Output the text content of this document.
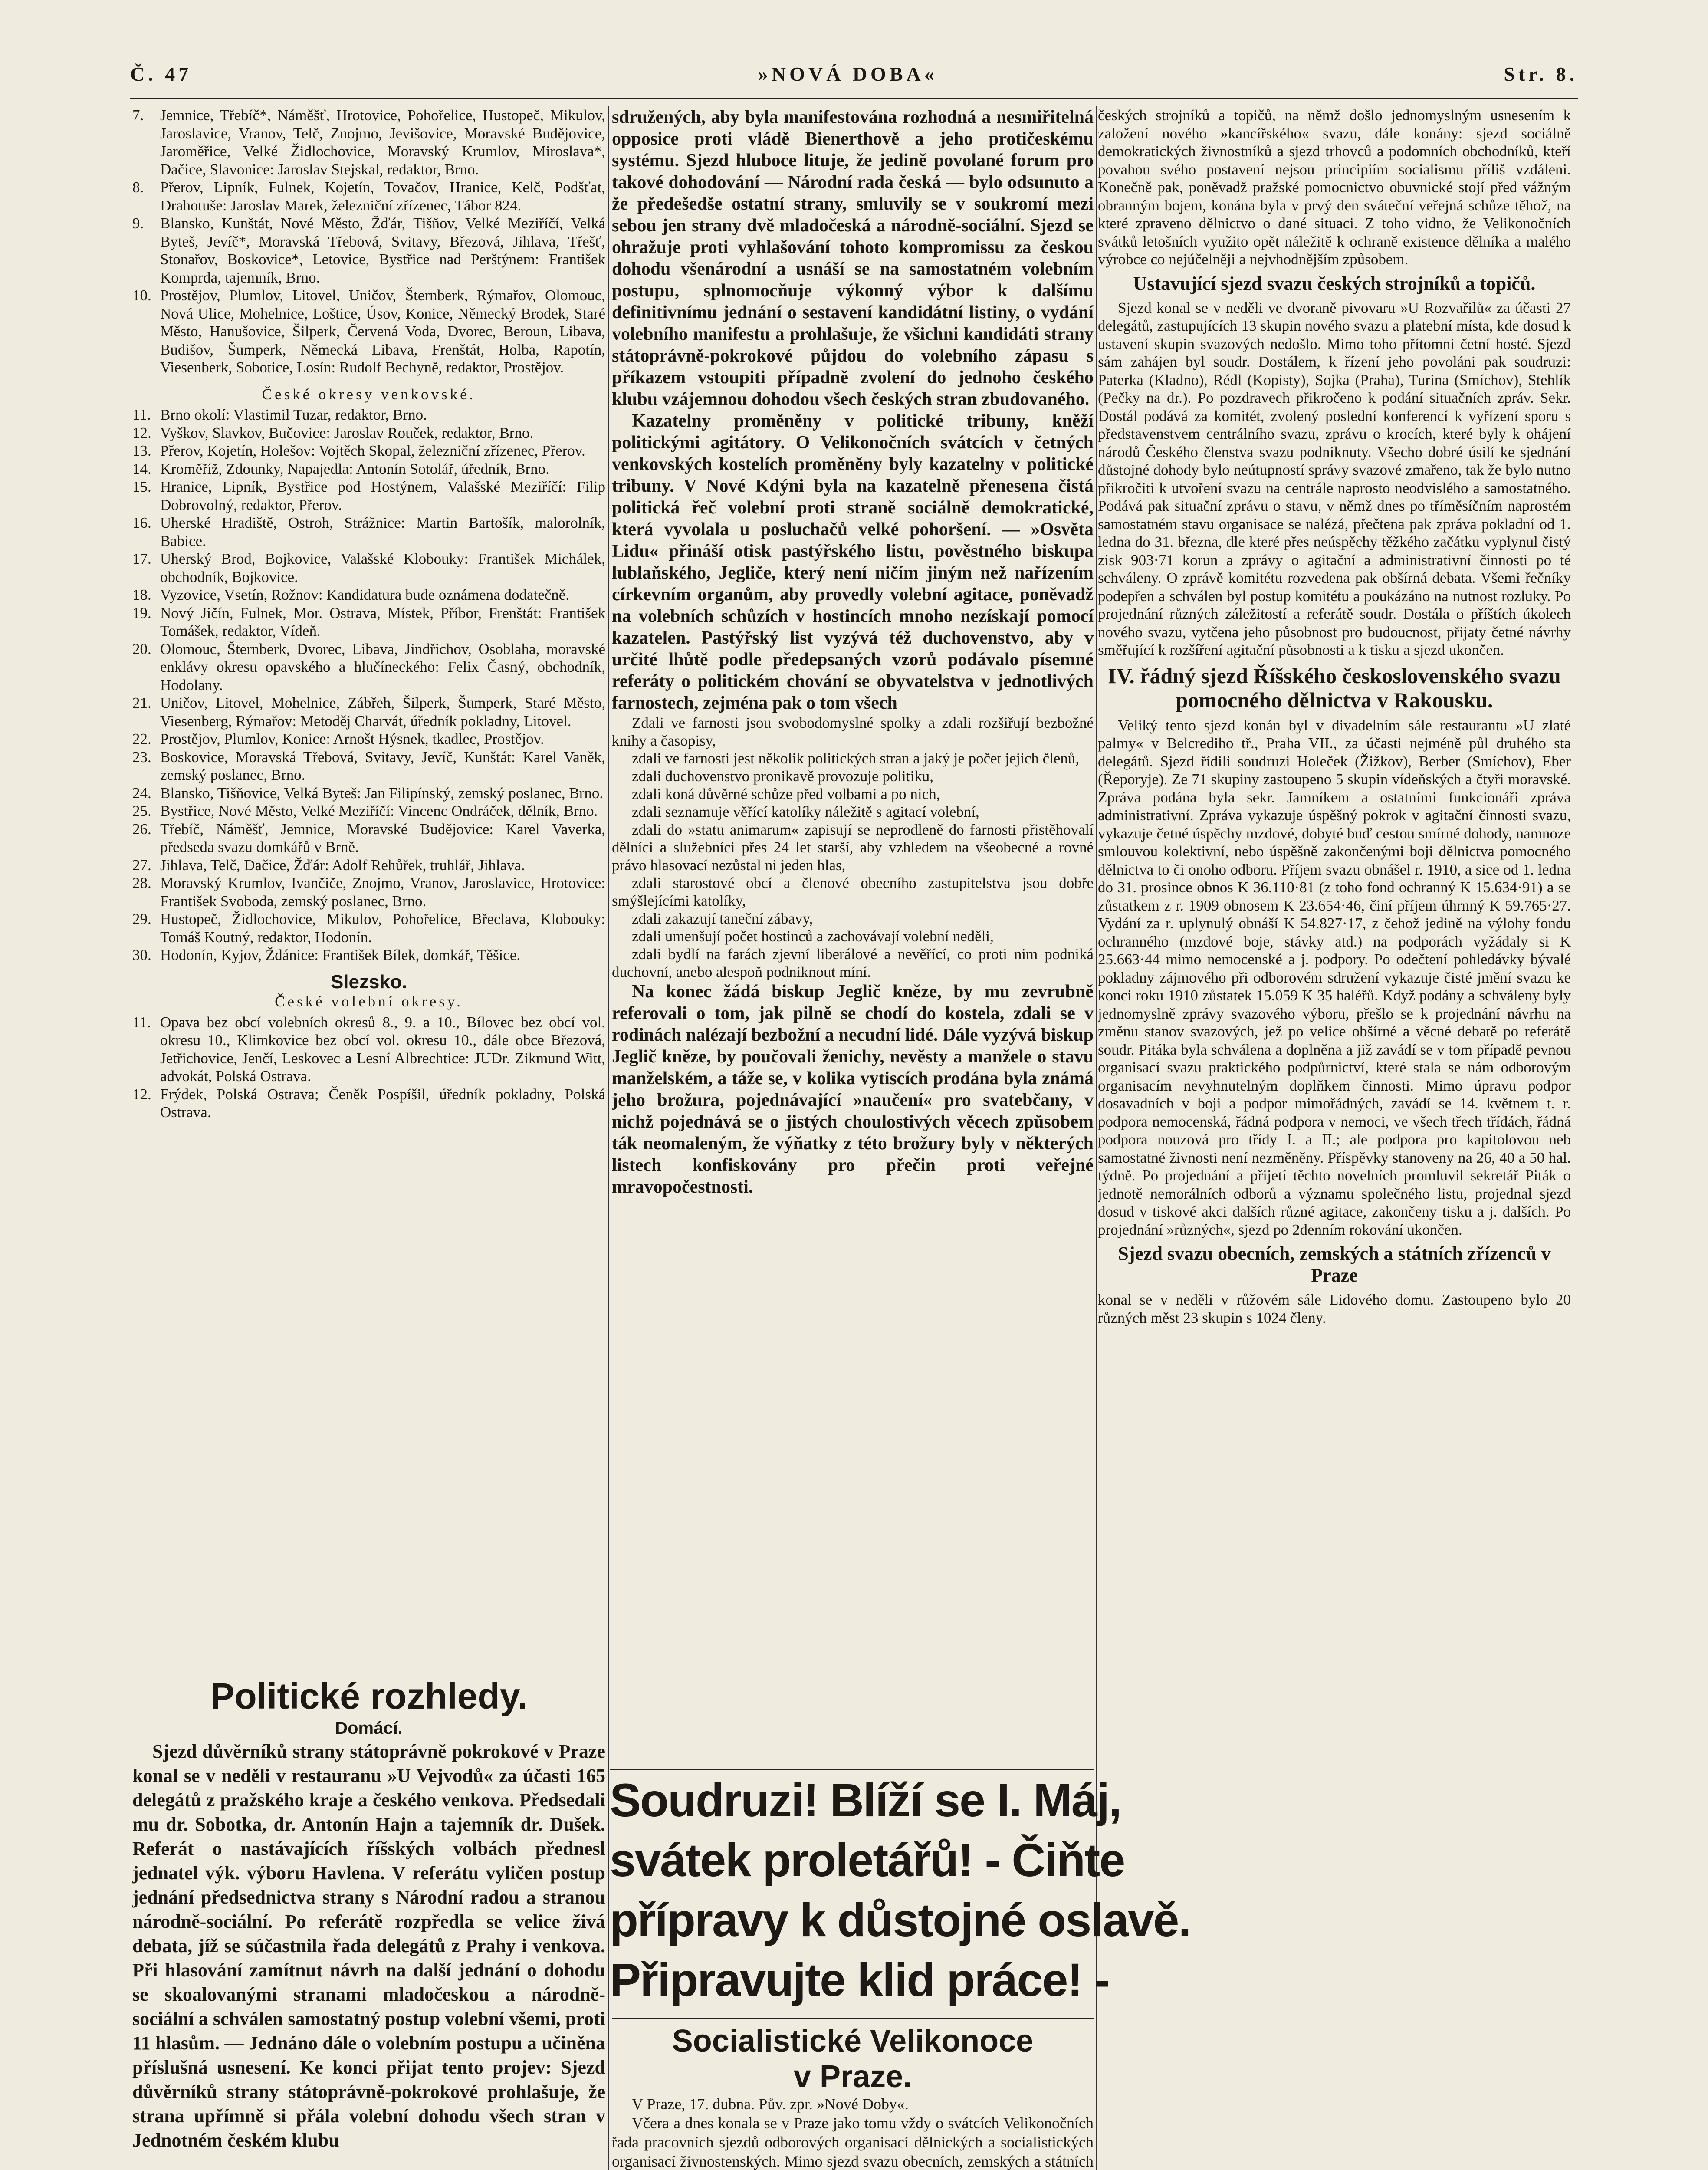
Č. 47	»NOVÁ DOBA«	Str. 8.
7.	Jemnice, Třebíč*, Náměšť, Hrotovice, Pohořelice, Hustopeč, Mikulov, Jaroslavice, Vranov, Telč, Znojmo, Jevišovice, Moravské Budějovice, Jaroměřice, Velké Židlochovice, Moravský Krumlov, Miroslava*, Dačice, Slavonice: Jaroslav Stejskal, redaktor, Brno.
8.	Přerov, Lipník, Fulnek, Kojetín, Tovačov, Hranice, Kelč, Podšťat, Drahotuše: Jaroslav Marek, železniční zřízenec, Tábor 824.
9.	Blansko, Kunštát, Nové Město, Žďár, Tišňov, Velké Meziříčí, Velká Byteš, Jevíč*, Moravská Třebová, Svitavy, Březová, Jihlava, Třešť, Stonařov, Boskovice*, Letovice, Bystřice nad Perštýnem: František Komprda, tajemník, Brno.
10. Prostějov, Plumlov, Litovel, Uničov, Šternberk, Rýmařov, Olomouc, Nová Ulice, Mohelnice, Loštice, Úsov, Konice, Německý Brodek, Staré Město, Hanušovice, Šilperk, Červená Voda, Dvorec, Beroun, Libava, Budišov, Šumperk, Německá Libava, Frenštát, Holba, Rapotín, Viesenberk, Sobotice, Losín: Rudolf Bechyně, redaktor, Prostějov.
České okresy venkovské.
11. Brno okolí: Vlastimil Tuzar, redaktor, Brno.
12. Vyškov, Slavkov, Bučovice: Jaroslav Rouček, redaktor, Brno.
13. Přerov, Kojetín, Holešov: Vojtěch Skopal, železniční zřízenec, Přerov.
14. Kroměříž, Zdounky, Napajedla: Antonín Sotolář, úředník, Brno.
15. Hranice, Lipník, Bystřice pod Hostýnem, Valašské Meziříčí: Filip Dobrovolný, redaktor, Přerov.
16. Uherské Hradiště, Ostroh, Strážnice: Martin Bartošík, malorolník, Babice.
17. Uherský Brod, Bojkovice, Valašské Klobouky: František Michálek, obchodník, Bojkovice.
18. Vyzovice, Vsetín, Rožnov: Kandidatura bude oznámena dodatečně.
19. Nový Jičín, Fulnek, Mor. Ostrava, Místek, Příbor, Frenštát: František Tomášek, redaktor, Vídeň.
20. Olomouc, Šternberk, Dvorec, Libava, Jindřichov, Osoblaha, moravské enklávy okresu opavského a hlučíneckého: Felix Časný, obchodník, Hodolany.
21. Uničov, Litovel, Mohelnice, Zábřeh, Šilperk, Šumperk, Staré Město, Viesenberg, Rýmařov: Metoděj Charvát, úředník pokladny, Litovel.
22. Prostějov, Plumlov, Konice: Arnošt Hýsnek, tkadlec, Prostějov.
23. Boskovice, Moravská Třebová, Svitavy, Jevíč, Kunštát: Karel Vaněk, zemský poslanec, Brno.
24. Blansko, Tišňovice, Velká Byteš: Jan Filipínský, zemský poslanec, Brno.
25. Bystřice, Nové Město, Velké Meziříčí: Vincenc Ondráček, dělník, Brno.
26. Třebíč, Náměšť, Jemnice, Moravské Budějovice: Karel Vaverka, předseda svazu domkářů v Brně.
27. Jihlava, Telč, Dačice, Žďár: Adolf Rehůřek, truhlář, Jihlava.
28. Moravský Krumlov, Ivančiče, Znojmo, Vranov, Jaroslavice, Hrotovice: František Svoboda, zemský poslanec, Brno.
29. Hustopeč, Židlochovice, Mikulov, Pohořelice, Břeclava, Klobouky: Tomáš Koutný, redaktor, Hodonín.
30. Hodonín, Kyjov, Ždánice: František Bílek, domkář, Těšice.
Slezsko.
České volební okresy.
11. Opava bez obcí volebních okresů 8., 9. a 10., Bílovec bez obcí vol. okresu 10., Klimkovice bez obcí vol. okresu 10., dále obce Březová, Jetřichovice, Jenčí, Leskovec a Lesní Albrechtice: JUDr. Zikmund Witt, advokát, Polská Ostrava.
12. Frýdek, Polská Ostrava; Čeněk Pospíšil, úředník pokladny, Polská Ostrava.
Politické rozhledy.
Domácí.

Sjezd důvěrníků strany státoprávně pokrokové v Praze konal se v neděli v restauranu »U Vejvodů« za účasti 165 delegátů z pražského kraje a českého venkova. Předsedali mu dr. Sobotka, dr. Antonín Hajn a tajemník dr. Dušek. Referát o nastávajících říšských volbách přednesl jednatel výk. výboru Havlena. V referátu vyličen postup jednání předsednictva strany s Národní radou a stranou národně-sociální. Po referátě rozpředla se velice živá debata, jíž se súčastnila řada delegátů z Prahy i venkova. Při hlasování zamítnut návrh na další jednání o dohodu se skoalovanými stranami mladočeskou a národně-sociální a schválen samostatný postup volební všemi, proti 11 hlasům. — Jednáno dále o volebním postupu a učiněna příslušná usnesení. Ke konci přijat tento projev: Sjezd důvěrníků strany státoprávně-pokrokové prohlašuje, že strana upřímně si přála volební dohodu všech stran v Jednotném českém klubu

sdružených, aby byla manifestována rozhodná a nesmiřitelná opposice proti vládě Bienerthově a jeho protičeskému systému. Sjezd hluboce lituje, že jedině povolané forum pro takové dohodování — Národní rada česká — bylo odsunuto a že předešedše ostatní strany, smluvily se v soukromí mezi sebou jen strany dvě mladočeská a národně-sociální. Sjezd se ohražuje proti vyhlašování tohoto kompromissu za českou dohodu všenárodní a usnáší se na samostatném volebním postupu, splnomocňuje výkonný výbor k dalšímu definitivnímu jednání o sestavení kandidátní listiny, o vydání volebního manifestu a prohlašuje, že všichni kandidáti strany státoprávně-pokrokové půjdou do volebního zápasu s příkazem vstoupiti případně zvolení do jednoho českého klubu vzájemnou dohodou všech českých stran zbudovaného.

Kazatelny proměněny v politické tribuny, kněží politickými agitátory. O Velikonočních svátcích v četných venkovských kostelích proměněny byly kazatelny v politické tribuny. V Nové Kdýni byla na kazatelně přenesena čistá politická řeč volební proti straně sociálně demokratické, která vyvolala u posluchačů velké pohoršení. — »Osvěta Lidu« přináší otisk pastýřského listu, pověstného biskupa lublaňského, Jegliče, který není ničím jiným než nařízením církevním organům, aby provedly volební agitace, poněvadž na volebních schůzích v hostincích mnoho nezískají pomocí kazatelen. Pastýřský list vyzývá též duchovenstvo, aby v určité lhůtě podle předepsaných vzorů podávalo písemné referáty o politickém chování se obyvatelstva v jednotlivých farnostech, zejména pak o tom všech

Zdali ve farnosti jsou svobodomyslné spolky a zdali rozšiřují bezbožné knihy a časopisy,

zdali ve farnosti jest několik politických stran a jaký je počet jejich členů,

zdali duchovenstvo pronikavě provozuje politiku,

zdali koná důvěrné schůze před volbami a po nich,

zdali seznamuje věřící katolíky náležitě s agitací volební,

zdali do »statu animarum« zapisují se neprodleně do farnosti přistěhovalí dělníci a služebníci přes 24 let starší, aby vzhledem na všeobecné a rovné právo hlasovací nezůstal ni jeden hlas,

zdali starostové obcí a členové obecního zastupitelstva jsou dobře smýšlejícími katolíky,

zdali zakazují taneční zábavy,

zdali umenšují počet hostinců a zachovávají volební neděli,

zdali bydlí na farách zjevní liberálové a nevěřící, co proti nim podniká duchovní, anebo alespoň podniknout míní.

Na konec žádá biskup Jeglič kněze, by mu zevrubně referovali o tom, jak pilně se chodí do kostela, zdali se v rodinách nalézají bezbožní a necudní lidé. Dále vyzývá biskup Jeglič kněze, by poučovali ženichy, nevěsty a manžele o stavu manželském, a táže se, v kolika vytiscích prodána byla známá jeho brožura, pojednávající »naučení« pro svatebčany, v nichž pojednává se o jistých choulostivých věcech zpŭsobem ták neomaleným, že výňatky z této brožury byly v některých listech konfiskovány pro přečin proti veřejné mravopočestnosti.

Soudruzi! Blíží se I. Máj,
svátek proletářů! - Čiňte
přípravy k důstojné oslavě.
Připravujte klid práce! -
Socialistické Velikonoce
v Praze.

V Praze, 17. dubna. Pův. zpr. »Nové Doby«.

Včera a dnes konala se v Praze jako tomu vždy o svátcích Velikonočních řada pracovních sjezdů odborových organisací dělnických a socialistických organisací živnostenských. Mimo sjezd svazu obecních, zemských a státních

českých strojníků a topičů, na němž došlo jednomyslným usnesením k založení nového »kancířského« svazu, dále konány: sjezd sociálně demokratických živnostníků a sjezd trhovců a podomních obchodníků, kteří povahou svého postavení nejsou principiím socialismu příliš vzdáleni. Konečně pak, poněvadž pražské pomocnictvo obuvnické stojí před vážným obranným bojem, konána byla v prvý den sváteční veřejná schůze těhož, na které zpraveno dělnictvo o dané situaci. Z toho vidno, že Velikonočních svátků letošních využito opět náležitě k ochraně existence dělníka a malého výrobce co nejúčelněji a nejvhodnějším způsobem.

Ustavující sjezd svazu českých strojníků a topičů.

Sjezd konal se v neděli ve dvoraně pivovaru »U Rozvařilů« za účasti 27 delegátů, zastupujících 13 skupin nového svazu a platební místa, kde dosud k ustavení skupin svazových nedošlo. Mimo toho přítomni četní hosté. Sjezd sám zahájen byl soudr. Dostálem, k řízení jeho povoláni pak soudruzi: Paterka (Kladno), Rédl (Kopisty), Sojka (Praha), Turina (Smíchov), Stehlík (Pečky na dr.). Po pozdravech přikročeno k podání situačních zpráv. Sekr. Dostál podává za komitét, zvolený poslední konferencí k vyřízení sporu s představenstvem centrálního svazu, zprávu o krocích, které byly k ohájení národů Českého členstva svazu podniknuty. Všecho dobré úsilí ke sjednání důstojné dohody bylo neútupností správy svazové zmařeno, tak že bylo nutno přikročiti k utvoření svazu na centrále naprosto neodvislého a samostatného. Podává pak situační zprávu o stavu, v němž dnes po tříměsíčním naprostém samostatném stavu organisace se nalézá, přečtena pak zpráva pokladní od 1. ledna do 31. března, dle které přes neúspěchy těžkého začátku vyplynul čistý zisk 903·71 korun a zprávy o agitační a administrativní činnosti po té schváleny. O zprávě komitétu rozvedena pak obšírná debata. Všemi řečníky podepřen a schválen byl postup komitétu a poukázáno na nutnost rozluky. Po projednání různých záležitostí a referátě soudr. Dostála o příštích úkolech nového svazu, vytčena jeho působnost pro budoucnost, přijaty četné návrhy směřující k rozšíření agitační působnosti a k tisku a sjezd ukončen.

IV. řádný sjezd Říšského československého svazu pomocného dělnictva v Rakousku.

Veliký tento sjezd konán byl v divadelním sále restaurantu »U zlaté palmy« v Belcrediho tř., Praha VII., za účasti nejméně půl druhého sta delegátů. Sjezd řídili soudruzi Holeček (Žižkov), Berber (Smíchov), Eber (Řeporyje). Ze 71 skupiny zastoupeno 5 skupin vídeňských a čtyři moravské. Zpráva podána byla sekr. Jamníkem a ostatními funkcionáři zpráva administrativní. Zpráva vykazuje úspěšný pokrok v agitační činnosti svazu, vykazuje četné úspěchy mzdové, dobyté buď cestou smírné dohody, namnoze smlouvou kolektivní, nebo úspěšně zakončenými boji dělnictva pomocného dělnictva to či onoho odboru. Příjem svazu obnášel r. 1910, a sice od 1. ledna do 31. prosince obnos K 36.110·81 (z toho fond ochranný K 15.634·91) a se zůstatkem z r. 1909 obnosem K 23.654·46, činí příjem úhrnný K 59.765·27. Vydání za r. uplynulý obnáší K 54.827·17, z čehož jedině na výlohy fondu ochranného (mzdové boje, stávky atd.) na podporách vyžádaly si K 25.663·44 mimo nemocenské a j. podpory. Po odečtení pohledávky bývalé pokladny zájmového při odborovém sdružení vykazuje čisté jmění svazu ke konci roku 1910 zůstatek 15.059 K 35 haléřů. Když podány a schváleny byly jednomyslně zprávy svazového výboru, přešlo se k projednání návrhu na změnu stanov svazových, jež po velice obšírné a věcné debatě po referátě soudr. Pitáka byla schválena a doplněna a již zavádí se v tom případě pevnou organisací svazu praktického podpůrnictví, které stala se nám odborovým organisacím nevyhnutelným doplňkem činnosti. Mimo úpravu podpor dosavadních v boji a podpor mimořádných, zavádí se 14. květnem t. r. podpora nemocenská, řádná podpora v nemoci, ve všech třech třídách, řádná podpora nouzová pro třídy I. a II.; ale podpora pro kapitolovou neb samostatné živnosti není nezměněny. Příspěvky stanoveny na 26, 40 a 50 hal. týdně. Po projednání a přijetí těchto novelních promluvil sekretář Piták o jednotě nemorálních odborů a významu společného listu, projednal sjezd dosud v tiskové akci dalších různé agitace, zakončeny tisku a j. dalších. Po projednání »různých«, sjezd po 2denním rokování ukončen.

Sjezd svazu obecních, zemských a státních zřízenců v Praze

konal se v neděli v růžovém sále Lidového domu. Zastoupeno bylo 20 různých měst 23 skupin s 1024 členy.
